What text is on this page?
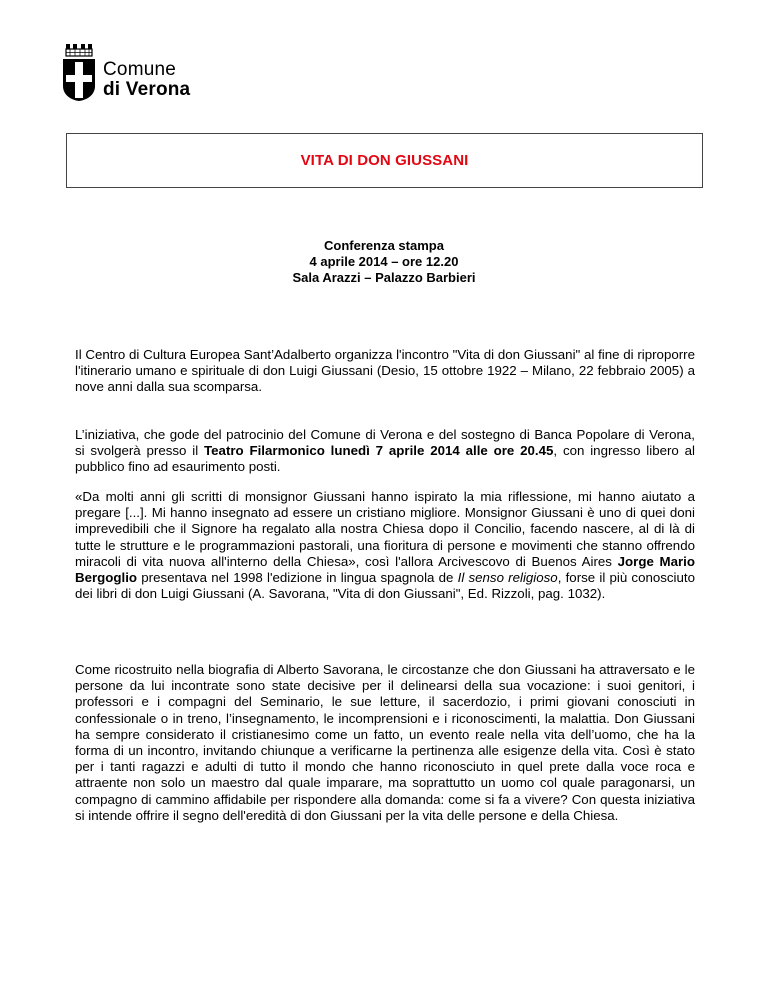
Comune
di Verona
VITA DI DON GIUSSANI
Conferenza stampa
4 aprile 2014 – ore 12.20
Sala Arazzi – Palazzo Barbieri
Il Centro di Cultura Europea Sant’Adalberto organizza l'incontro "Vita di don Giussani" al fine di riproporre l'itinerario umano e spirituale di don Luigi Giussani (Desio, 15 ottobre 1922 – Milano, 22 febbraio 2005) a nove anni dalla sua scomparsa.
L’iniziativa, che gode del patrocinio del Comune di Verona e del sostegno di Banca Popolare di Verona, si svolgerà presso il Teatro Filarmonico lunedì 7 aprile 2014 alle ore 20.45, con ingresso libero al pubblico fino ad esaurimento posti.
«Da molti anni gli scritti di monsignor Giussani hanno ispirato la mia riflessione, mi hanno aiutato a pregare [...]. Mi hanno insegnato ad essere un cristiano migliore. Monsignor Giussani è uno di quei doni imprevedibili che il Signore ha regalato alla nostra Chiesa dopo il Concilio, facendo nascere, al di là di tutte le strutture e le programmazioni pastorali, una fioritura di persone e movimenti che stanno offrendo miracoli di vita nuova all'interno della Chiesa», così l'allora Arcivescovo di Buenos Aires Jorge Mario Bergoglio presentava nel 1998 l'edizione in lingua spagnola de Il senso religioso, forse il più conosciuto dei libri di don Luigi Giussani (A. Savorana, "Vita di don Giussani", Ed. Rizzoli, pag. 1032).
Come ricostruito nella biografia di Alberto Savorana, le circostanze che don Giussani ha attraversato e le persone da lui incontrate sono state decisive per il delinearsi della sua vocazione: i suoi genitori, i professori e i compagni del Seminario, le sue letture, il sacerdozio, i primi giovani conosciuti in confessionale o in treno, l’insegnamento, le incomprensioni e i riconoscimenti, la malattia. Don Giussani ha sempre considerato il cristianesimo come un fatto, un evento reale nella vita dell’uomo, che ha la forma di un incontro, invitando chiunque a verificarne la pertinenza alle esigenze della vita. Così è stato per i tanti ragazzi e adulti di tutto il mondo che hanno riconosciuto in quel prete dalla voce roca e attraente non solo un maestro dal quale imparare, ma soprattutto un uomo col quale paragonarsi, un compagno di cammino affidabile per rispondere alla domanda: come si fa a vivere? Con questa iniziativa si intende offrire il segno dell'eredità di don Giussani per la vita delle persone e della Chiesa.
